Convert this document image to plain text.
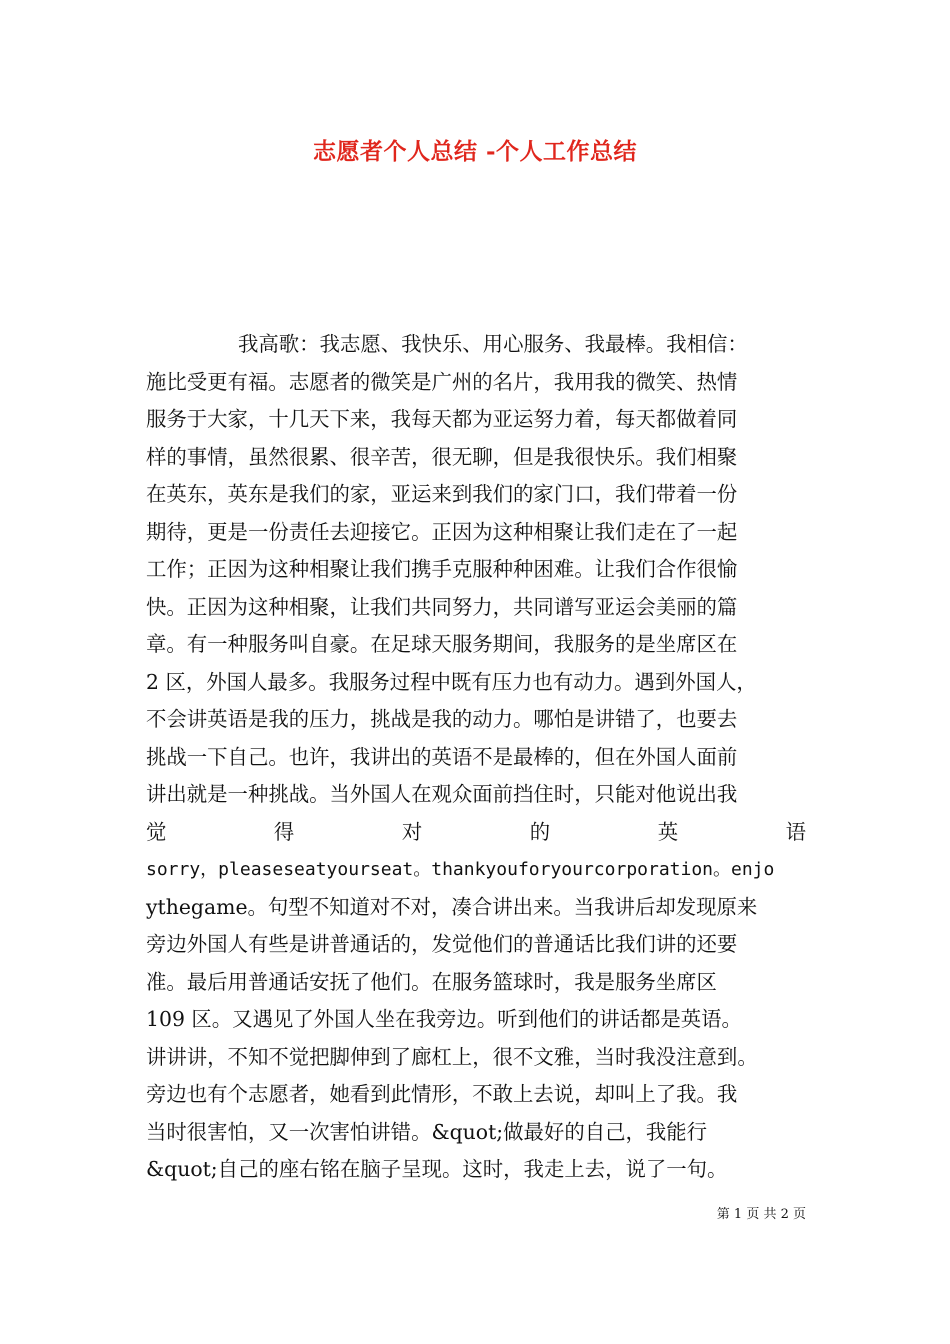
志愿者个人总结 -个人工作总结
我高歌：我志愿、我快乐、用心服务、我最棒。我相信：
施比受更有福。志愿者的微笑是广州的名片，我用我的微笑、热情
服务于大家，十几天下来，我每天都为亚运努力着，每天都做着同
样的事情，虽然很累、很辛苦，很无聊，但是我很快乐。我们相聚
在英东，英东是我们的家，亚运来到我们的家门口，我们带着一份
期待，更是一份责任去迎接它。正因为这种相聚让我们走在了一起
工作；正因为这种相聚让我们携手克服种种困难。让我们合作很愉
快。正因为这种相聚，让我们共同努力，共同谱写亚运会美丽的篇
章。有一种服务叫自豪。在足球天服务期间，我服务的是坐席区在
2 区，外国人最多。我服务过程中既有压力也有动力。遇到外国人，
不会讲英语是我的压力，挑战是我的动力。哪怕是讲错了，也要去
挑战一下自己。也许，我讲出的英语不是最棒的，但在外国人面前
讲出就是一种挑战。当外国人在观众面前挡住时，只能对他说出我
觉	得	对	的	英	语
sorry，pleaseseatyourseat。thankyouforyourcorporation。enjo
ythegame。句型不知道对不对，凑合讲出来。当我讲后却发现原来
旁边外国人有些是讲普通话的，发觉他们的普通话比我们讲的还要
准。最后用普通话安抚了他们。在服务篮球时，我是服务坐席区
109 区。又遇见了外国人坐在我旁边。听到他们的讲话都是英语。
讲讲讲，不知不觉把脚伸到了廊杠上，很不文雅，当时我没注意到。
旁边也有个志愿者，她看到此情形，不敢上去说，却叫上了我。我
当时很害怕，又一次害怕讲错。&quot;做最好的自己，我能行
&quot;自己的座右铭在脑子呈现。这时，我走上去，说了一句。
第 1 页 共 2 页
